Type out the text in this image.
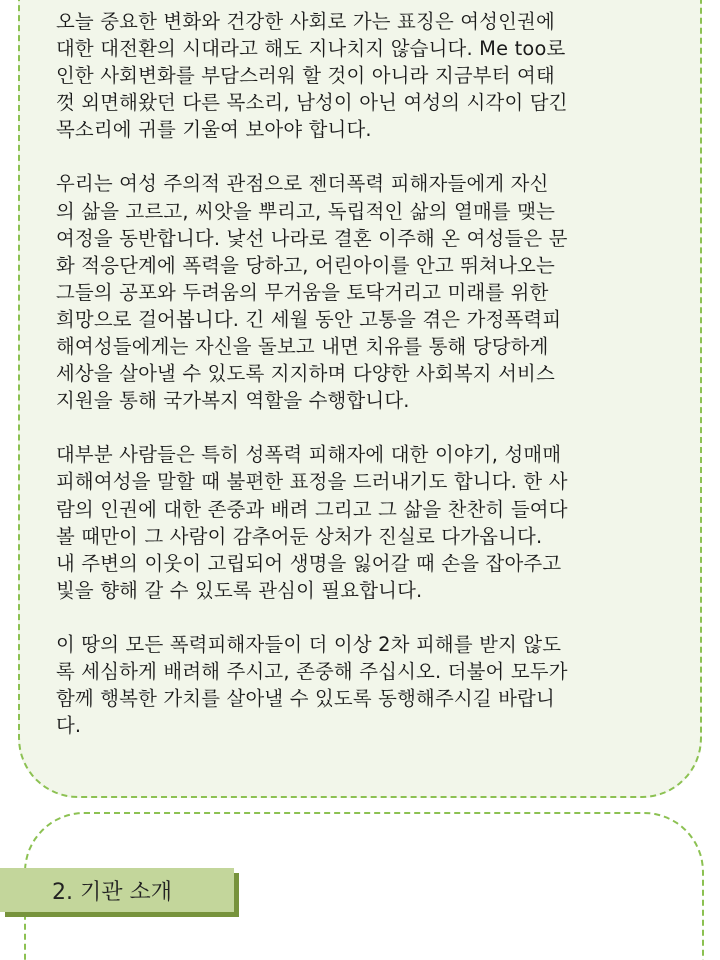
오늘 중요한 변화와 건강한 사회로 가는 표징은 여성인권에
대한 대전환의 시대라고 해도 지나치지 않습니다. Me too로
인한 사회변화를 부담스러워 할 것이 아니라 지금부터 여태
껏 외면해왔던 다른 목소리, 남성이 아닌 여성의 시각이 담긴
목소리에 귀를 기울여 보아야 합니다.

우리는 여성 주의적 관점으로 젠더폭력 피해자들에게 자신
의 삶을 고르고, 씨앗을 뿌리고, 독립적인 삶의 열매를 맺는
여정을 동반합니다. 낯선 나라로 결혼 이주해 온 여성들은 문
화 적응단계에 폭력을 당하고, 어린아이를 안고 뛰쳐나오는
그들의 공포와 두려움의 무거움을 토닥거리고 미래를 위한
희망으로 걸어봅니다. 긴 세월 동안 고통을 겪은 가정폭력피
해여성들에게는 자신을 돌보고 내면 치유를 통해 당당하게
세상을 살아낼 수 있도록 지지하며 다양한 사회복지 서비스
지원을 통해 국가복지 역할을 수행합니다.

대부분 사람들은 특히 성폭력 피해자에 대한 이야기, 성매매
피해여성을 말할 때 불편한 표정을 드러내기도 합니다. 한 사
람의 인권에 대한 존중과 배려 그리고 그 삶을 찬찬히 들여다
볼 때만이 그 사람이 감추어둔 상처가 진실로 다가옵니다.
내 주변의 이웃이 고립되어 생명을 잃어갈 때 손을 잡아주고
빛을 향해 갈 수 있도록 관심이 필요합니다.

이 땅의 모든 폭력피해자들이 더 이상 2차 피해를 받지 않도
록 세심하게 배려해 주시고, 존중해 주십시오. 더불어 모두가
함께 행복한 가치를 살아낼 수 있도록 동행해주시길 바랍니
다.

2. 기관 소개
